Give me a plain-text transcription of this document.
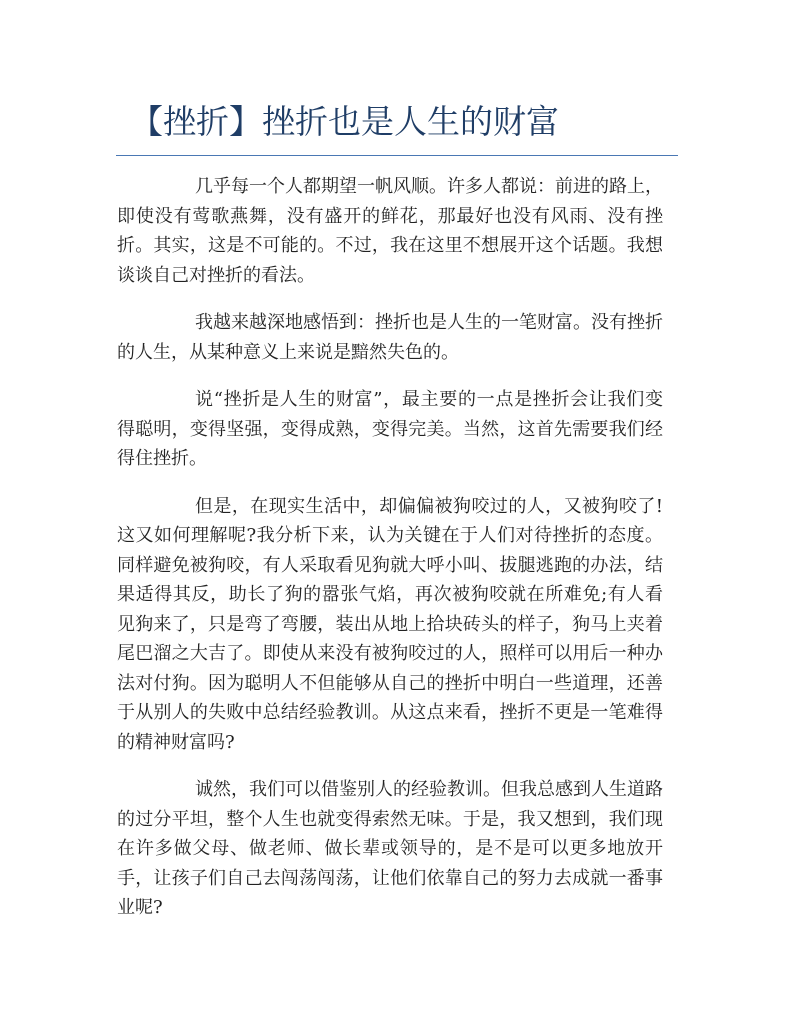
【挫折】挫折也是人生的财富

几乎每一个人都期望一帆风顺。许多人都说：前进的路上，即使没有莺歌燕舞，没有盛开的鲜花，那最好也没有风雨、没有挫折。其实，这是不可能的。不过，我在这里不想展开这个话题。我想谈谈自己对挫折的看法。

我越来越深地感悟到：挫折也是人生的一笔财富。没有挫折的人生，从某种意义上来说是黯然失色的。

说“挫折是人生的财富”，最主要的一点是挫折会让我们变得聪明，变得坚强，变得成熟，变得完美。当然，这首先需要我们经得住挫折。

但是，在现实生活中，却偏偏被狗咬过的人，又被狗咬了!这又如何理解呢?我分析下来，认为关键在于人们对待挫折的态度。同样避免被狗咬，有人采取看见狗就大呼小叫、拔腿逃跑的办法，结果适得其反，助长了狗的嚣张气焰，再次被狗咬就在所难免;有人看见狗来了，只是弯了弯腰，装出从地上拾块砖头的样子，狗马上夹着尾巴溜之大吉了。即使从来没有被狗咬过的人，照样可以用后一种办法对付狗。因为聪明人不但能够从自己的挫折中明白一些道理，还善于从别人的失败中总结经验教训。从这点来看，挫折不更是一笔难得的精神财富吗?

诚然，我们可以借鉴别人的经验教训。但我总感到人生道路的过分平坦，整个人生也就变得索然无味。于是，我又想到，我们现在许多做父母、做老师、做长辈或领导的，是不是可以更多地放开手，让孩子们自己去闯荡闯荡，让他们依靠自己的努力去成就一番事业呢?
